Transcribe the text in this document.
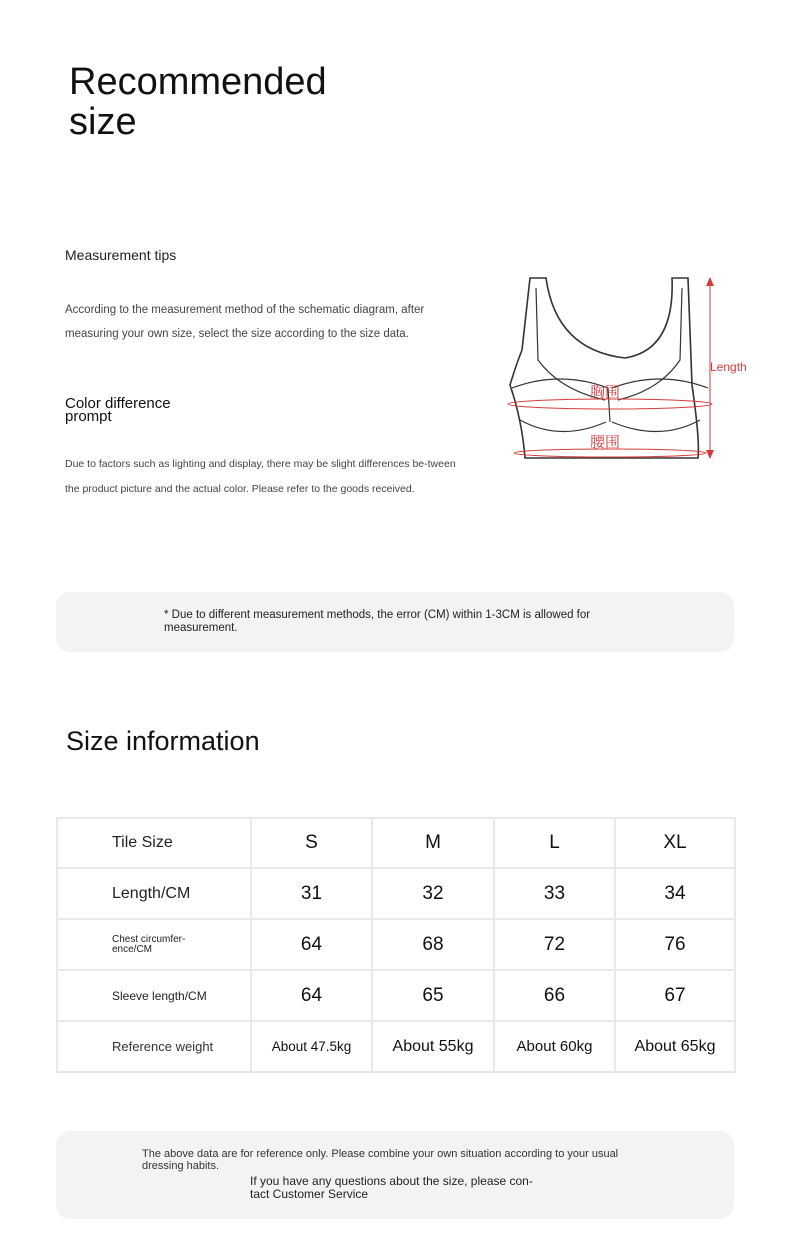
Recommended
size
Measurement tips
According to the measurement method of the schematic diagram, after measuring your own size, select the size according to the size data.
Color difference
prompt
Due to factors such as lighting and display, there may be slight differences be-tween the product picture and the actual color. Please refer to the goods received.
Length
胸围
腰围
* Due to different measurement methods, the error (CM) within 1-3CM is allowed for measurement.
Size information
Tile Size	S	M	L	XL
Length/CM	31	32	33	34
Chest circumfer-ence/CM	64	68	72	76
Sleeve length/CM	64	65	66	67
Reference weight	About 47.5kg	About 55kg	About 60kg	About 65kg
The above data are for reference only. Please combine your own situation according to your usual dressing habits.
If you have any questions about the size, please con-tact Customer Service
